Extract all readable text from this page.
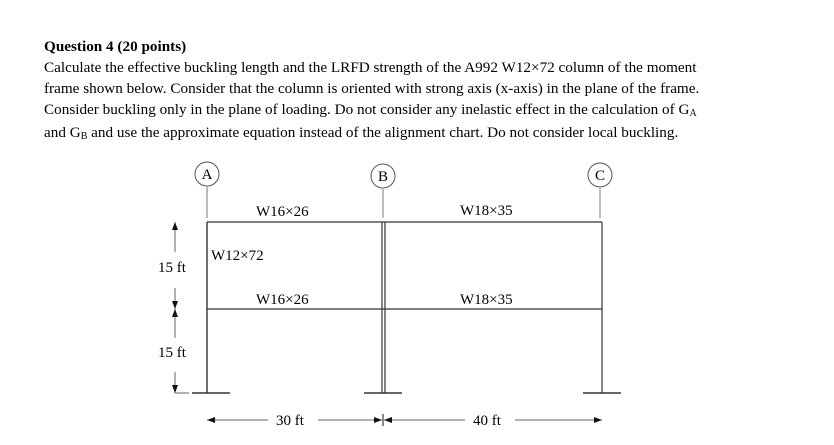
Question 4 (20 points)
Calculate the effective buckling length and the LRFD strength of the A992 W12×72 column of the moment
frame shown below. Consider that the column is oriented with strong axis (x-axis) in the plane of the frame.
Consider buckling only in the plane of loading. Do not consider any inelastic effect in the calculation of GA
and GB and use the approximate equation instead of the alignment chart. Do not consider local buckling.
A	B	C
W16×26	W18×35
W16×26	W18×35
W12×72
15 ft
15 ft
30 ft	40 ft
